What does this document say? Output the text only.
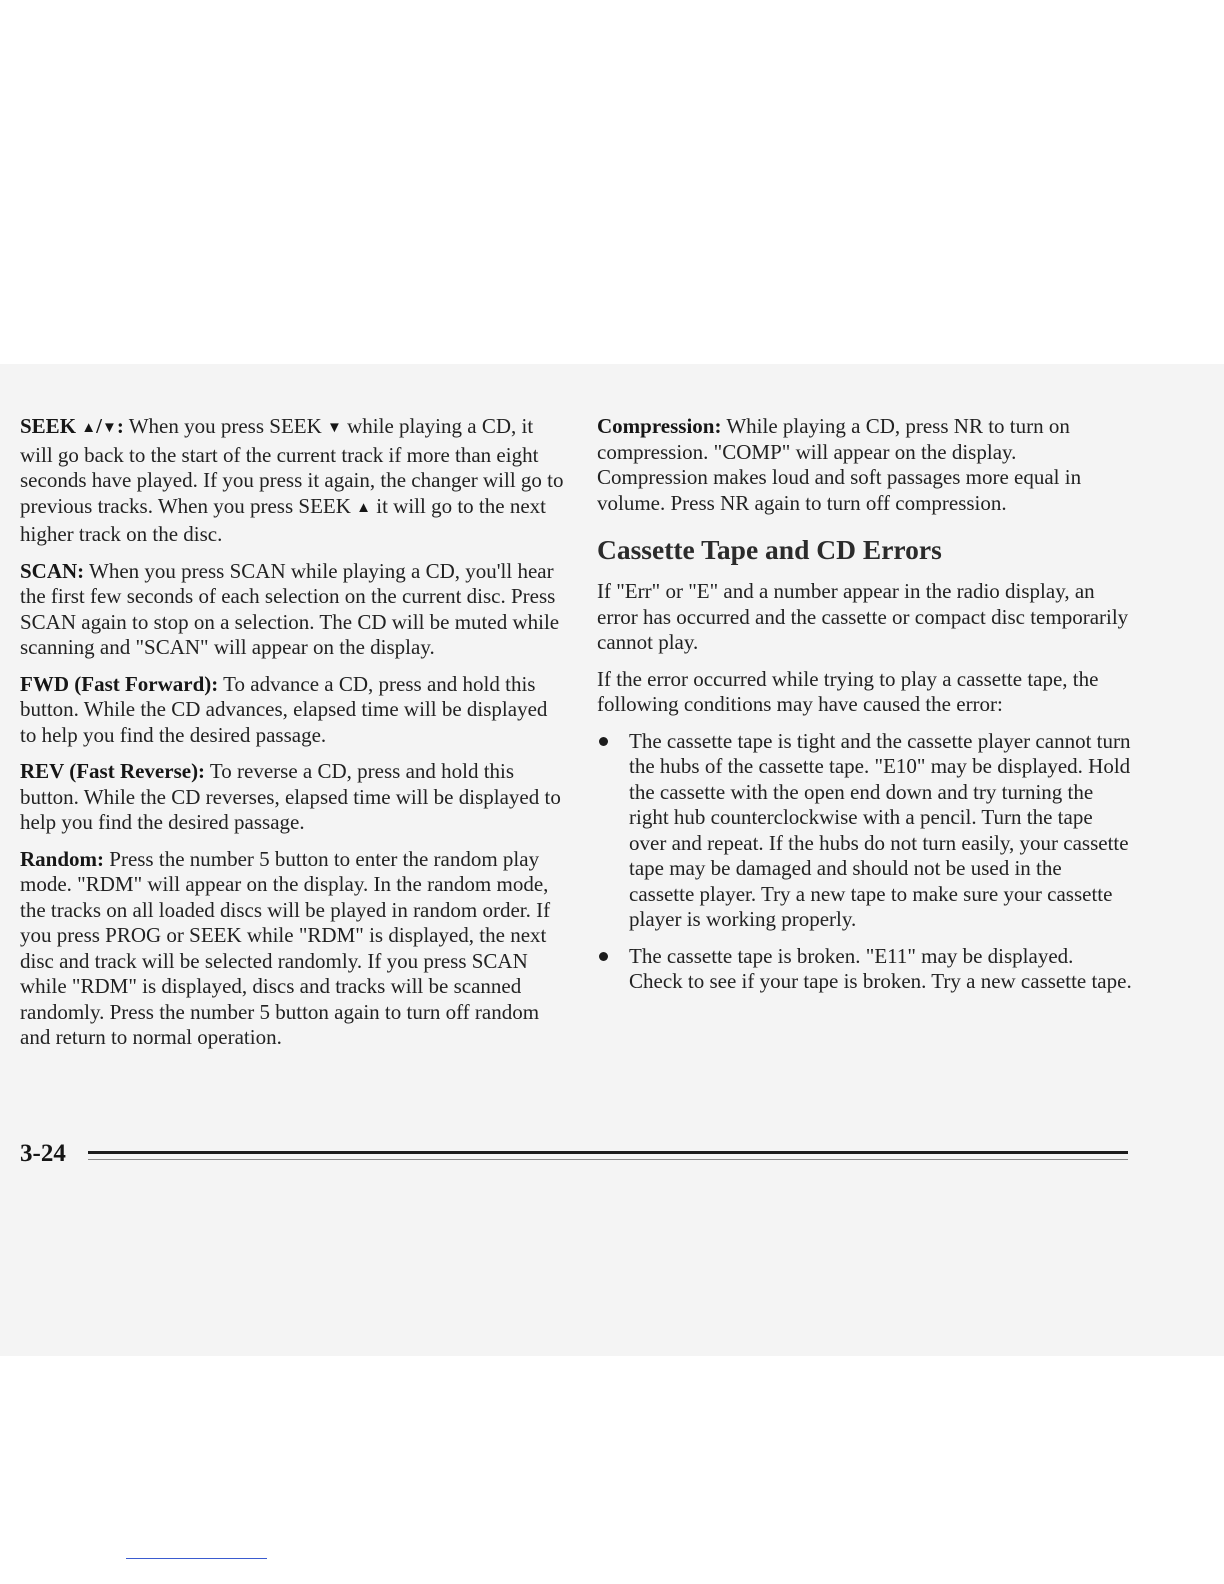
SEEK ▲/▼: When you press SEEK ▼ while playing a CD, it will go back to the start of the current track if more than eight seconds have played. If you press it again, the changer will go to previous tracks. When you press SEEK ▲ it will go to the next higher track on the disc.

SCAN: When you press SCAN while playing a CD, you'll hear the first few seconds of each selection on the current disc. Press SCAN again to stop on a selection. The CD will be muted while scanning and "SCAN" will appear on the display.

FWD (Fast Forward): To advance a CD, press and hold this button. While the CD advances, elapsed time will be displayed to help you find the desired passage.

REV (Fast Reverse): To reverse a CD, press and hold this button. While the CD reverses, elapsed time will be displayed to help you find the desired passage.

Random: Press the number 5 button to enter the random play mode. "RDM" will appear on the display. In the random mode, the tracks on all loaded discs will be played in random order. If you press PROG or SEEK while "RDM" is displayed, the next disc and track will be selected randomly. If you press SCAN while "RDM" is displayed, discs and tracks will be scanned randomly. Press the number 5 button again to turn off random and return to normal operation.

Compression: While playing a CD, press NR to turn on compression. "COMP" will appear on the display. Compression makes loud and soft passages more equal in volume. Press NR again to turn off compression.

Cassette Tape and CD Errors

If "Err" or "E" and a number appear in the radio display, an error has occurred and the cassette or compact disc temporarily cannot play.

If the error occurred while trying to play a cassette tape, the following conditions may have caused the error:

The cassette tape is tight and the cassette player cannot turn the hubs of the cassette tape. "E10" may be displayed. Hold the cassette with the open end down and try turning the right hub counterclockwise with a pencil. Turn the tape over and repeat. If the hubs do not turn easily, your cassette tape may be damaged and should not be used in the cassette player. Try a new tape to make sure your cassette player is working properly.
The cassette tape is broken. "E11" may be displayed. Check to see if your tape is broken. Try a new cassette tape.
3-24
